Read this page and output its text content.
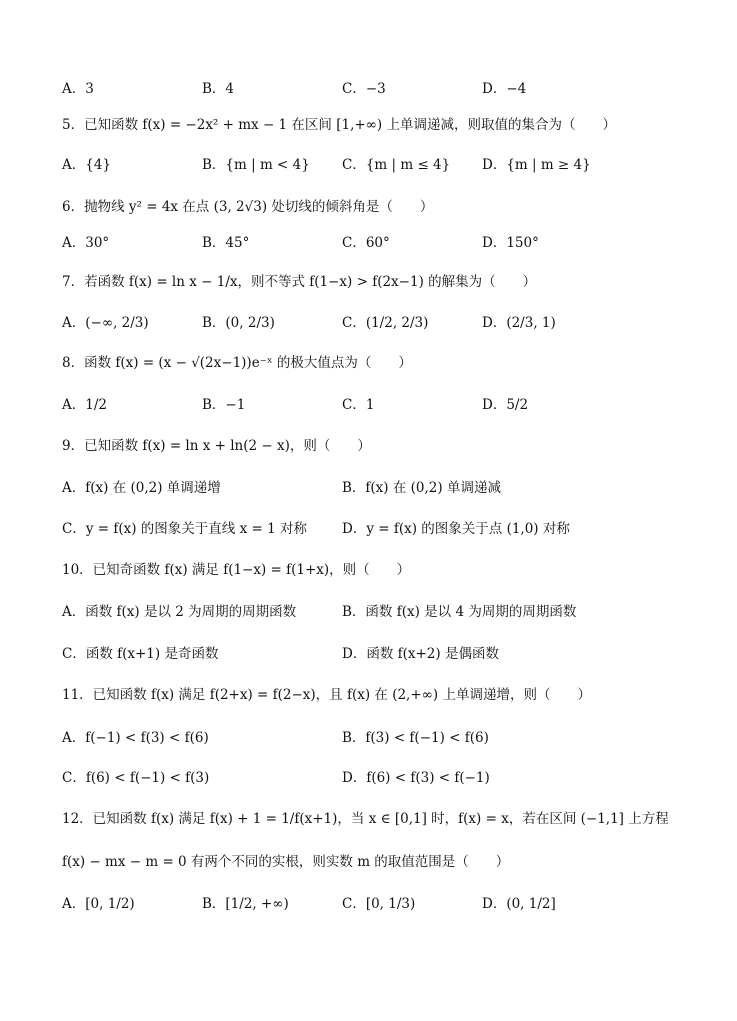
A．3	B．4	C．−3	D．−4
5．已知函数 f(x) = −2x² + mx − 1 在区间 [1,+∞) 上单调递减，则取值的集合为（　　）
A．{4}	B．{m | m < 4} C．{m | m ≤ 4} D．{m | m ≥ 4}
6．抛物线 y² = 4x 在点 (3, 2√3) 处切线的倾斜角是（　　）
A．30°	B．45°	C．60°	D．150°
7．若函数 f(x) = ln x − 1/x，则不等式 f(1−x) > f(2x−1) 的解集为（　　）
A．(−∞, 2/3)	B．(0, 2/3)	C．(1/2, 2/3)	D．(2/3, 1)
8．函数 f(x) = (x − √(2x−1))e⁻ˣ 的极大值点为（　　）
A．1/2	B．−1	C．1	D．5/2
9．已知函数 f(x) = ln x + ln(2 − x)，则（　　）
A．f(x) 在 (0,2) 单调递增	B．f(x) 在 (0,2) 单调递减
C．y = f(x) 的图象关于直线 x = 1 对称	D．y = f(x) 的图象关于点 (1,0) 对称
10．已知奇函数 f(x) 满足 f(1−x) = f(1+x)，则（　　）
A．函数 f(x) 是以 2 为周期的周期函数	B．函数 f(x) 是以 4 为周期的周期函数
C．函数 f(x+1) 是奇函数	D．函数 f(x+2) 是偶函数
11．已知函数 f(x) 满足 f(2+x) = f(2−x)，且 f(x) 在 (2,+∞) 上单调递增，则（　　）
A．f(−1) < f(3) < f(6)	B．f(3) < f(−1) < f(6)
C．f(6) < f(−1) < f(3)	D．f(6) < f(3) < f(−1)
12．已知函数 f(x) 满足 f(x) + 1 = 1/f(x+1)，当 x ∈ [0,1] 时，f(x) = x，若在区间 (−1,1] 上方程
f(x) − mx − m = 0 有两个不同的实根，则实数 m 的取值范围是（　　）
A．[0, 1/2)	B．[1/2, +∞)	C．[0, 1/3)	D．(0, 1/2]
